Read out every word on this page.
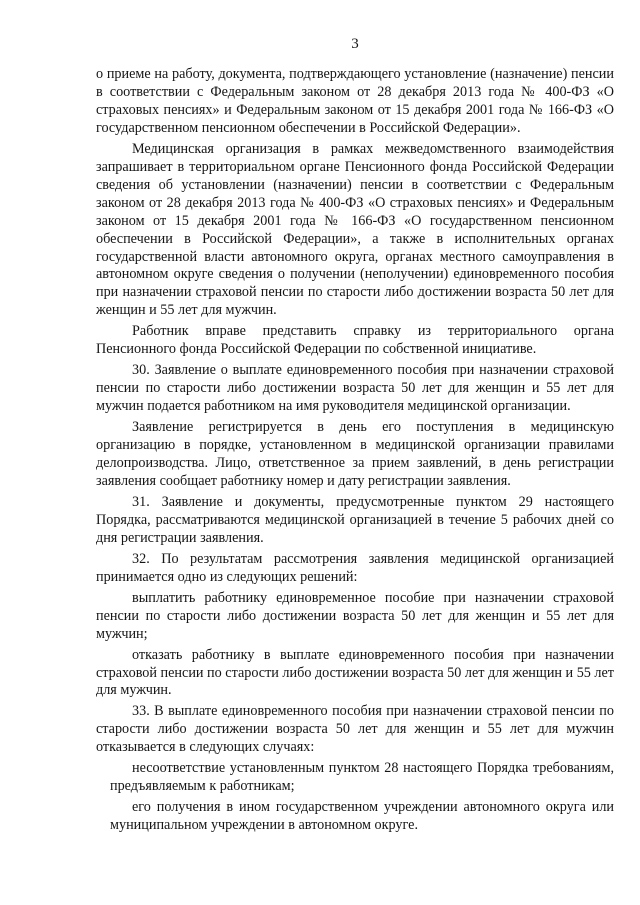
3

о приеме на работу, документа, подтверждающего установление (назначение) пенсии в соответствии с Федеральным законом от 28 декабря 2013 года № 400-ФЗ «О страховых пенсиях» и Федеральным законом от 15 декабря 2001 года № 166-ФЗ «О государственном пенсионном обеспечении в Российской Федерации».

Медицинская организация в рамках межведомственного взаимодействия запрашивает в территориальном органе Пенсионного фонда Российской Федерации сведения об установлении (назначении) пенсии в соответствии с Федеральным законом от 28 декабря 2013 года № 400-ФЗ «О страховых пенсиях» и Федеральным законом от 15 декабря 2001 года № 166-ФЗ «О государственном пенсионном обеспечении в Российской Федерации», а также в исполнительных органах государственной власти автономного округа, органах местного самоуправления в автономном округе сведения о получении (неполучении) единовременного пособия при назначении страховой пенсии по старости либо достижении возраста 50 лет для женщин и 55 лет для мужчин.

Работник вправе представить справку из территориального органа Пенсионного фонда Российской Федерации по собственной инициативе.

30. Заявление о выплате единовременного пособия при назначении страховой пенсии по старости либо достижении возраста 50 лет для женщин и 55 лет для мужчин подается работником на имя руководителя медицинской организации.

Заявление регистрируется в день его поступления в медицинскую организацию в порядке, установленном в медицинской организации правилами делопроизводства. Лицо, ответственное за прием заявлений, в день регистрации заявления сообщает работнику номер и дату регистрации заявления.

31. Заявление и документы, предусмотренные пунктом 29 настоящего Порядка, рассматриваются медицинской организацией в течение 5 рабочих дней со дня регистрации заявления.

32. По результатам рассмотрения заявления медицинской организацией принимается одно из следующих решений:

выплатить работнику единовременное пособие при назначении страховой пенсии по старости либо достижении возраста 50 лет для женщин и 55 лет для мужчин;

отказать работнику в выплате единовременного пособия при назначении страховой пенсии по старости либо достижении возраста 50 лет для женщин и 55 лет для мужчин.

33. В выплате единовременного пособия при назначении страховой пенсии по старости либо достижении возраста 50 лет для женщин и 55 лет для мужчин отказывается в следующих случаях:

несоответствие установленным пунктом 28 настоящего Порядка требованиям, предъявляемым к работникам;

его получения в ином государственном учреждении автономного округа или муниципальном учреждении в автономном округе.
